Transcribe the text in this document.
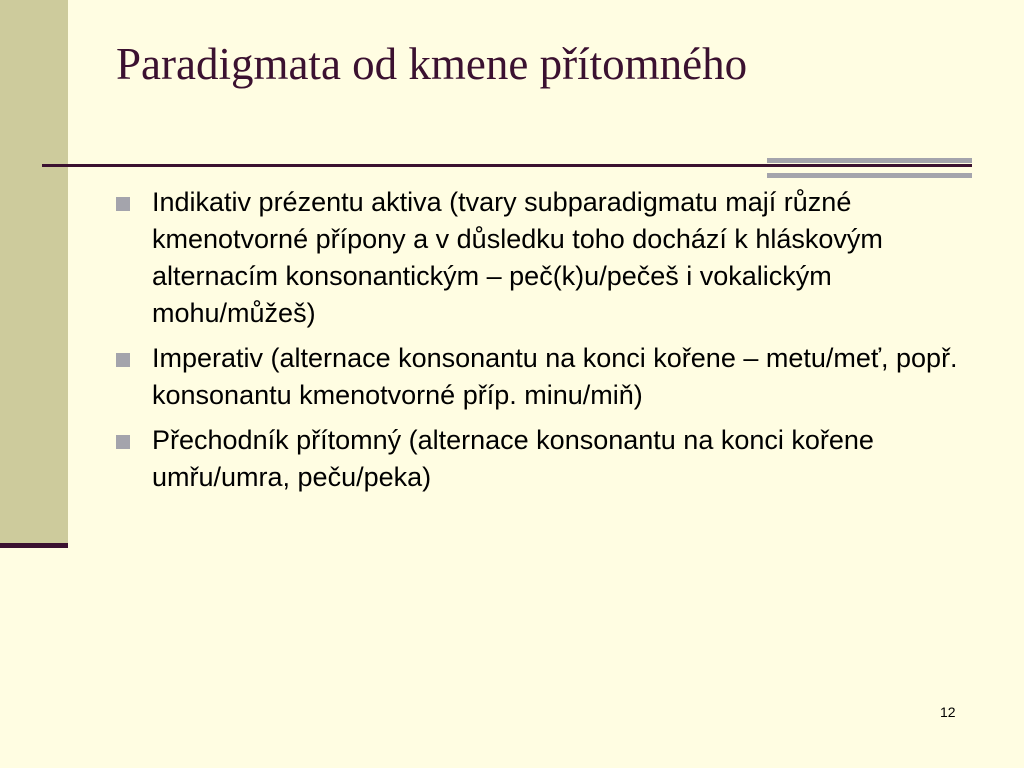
Paradigmata od kmene přítomného
Indikativ prézentu aktiva (tvary subparadigmatu mají různé kmenotvorné přípony a v důsledku toho dochází k hláskovým alternacím konsonantickým – peč(k)u/pečeš i vokalickým mohu/můžeš)
Imperativ (alternace konsonantu na konci kořene – metu/meť, popř. konsonantu kmenotvorné příp. minu/miň)
Přechodník přítomný (alternace konsonantu na konci kořene umřu/umra, peču/peka)
12
